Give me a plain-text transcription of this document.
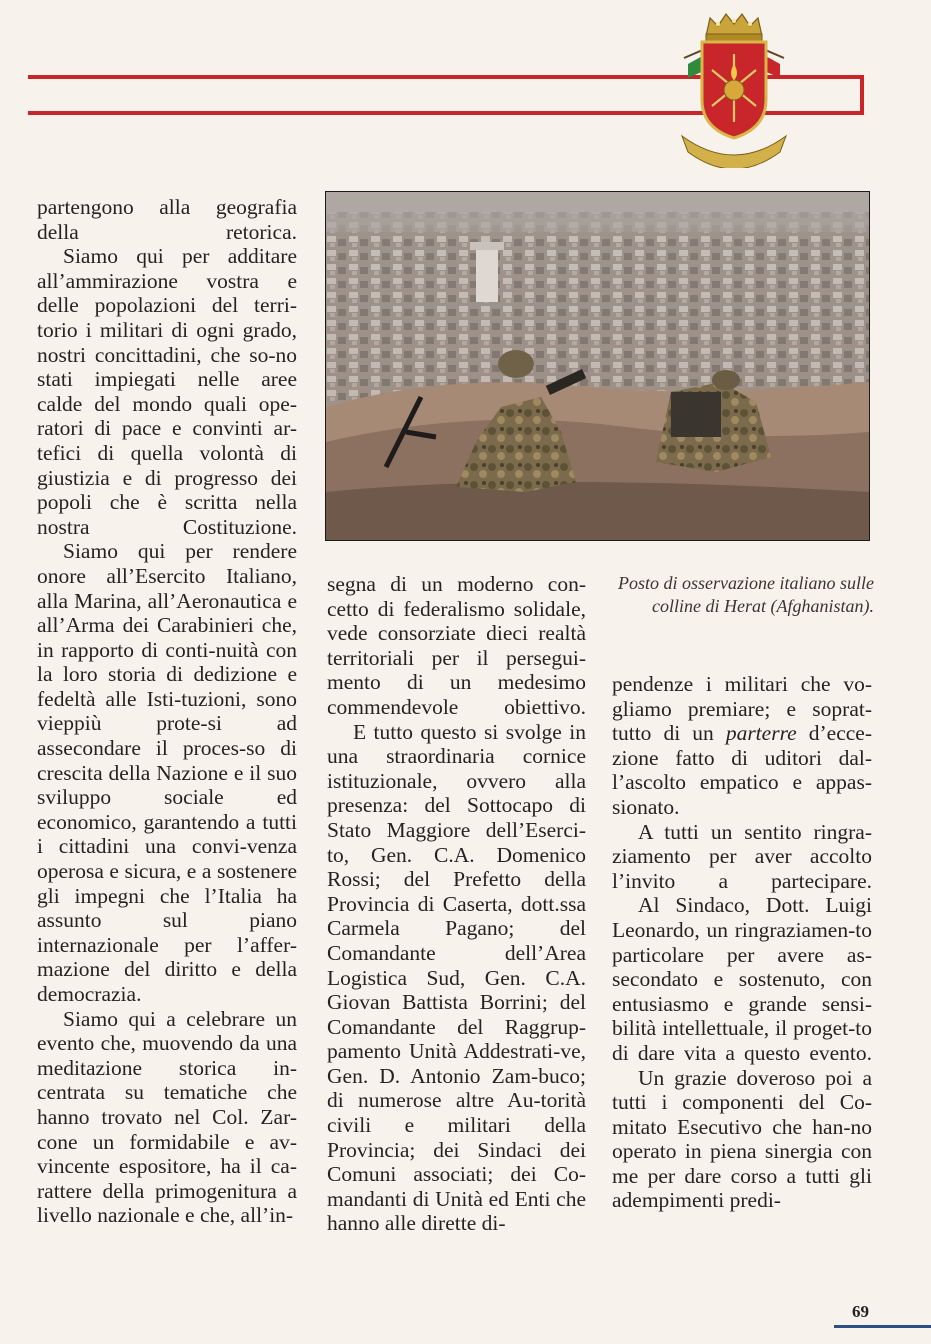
partengono alla geografia della retorica.

Siamo qui per additare all’ammirazione vostra e delle popolazioni del terri-torio i militari di ogni grado, nostri concittadini, che so-no stati impiegati nelle aree calde del mondo quali ope-ratori di pace e convinti ar-tefici di quella volontà di giustizia e di progresso dei popoli che è scritta nella nostra Costituzione.

Siamo qui per rendere onore all’Esercito Italiano, alla Marina, all’Aeronautica e all’Arma dei Carabinieri che, in rapporto di conti-nuità con la loro storia di dedizione e fedeltà alle Isti-tuzioni, sono vieppiù prote-si ad assecondare il proces-so di crescita della Nazione e il suo sviluppo sociale ed economico, garantendo a tutti i cittadini una convi-venza operosa e sicura, e a sostenere gli impegni che l’Italia ha assunto sul piano internazionale per l’affer-mazione del diritto e della democrazia.

Siamo qui a celebrare un evento che, muovendo da una meditazione storica in-centrata su tematiche che hanno trovato nel Col. Zar-cone un formidabile e av-vincente espositore, ha il ca-rattere della primogenitura a livello nazionale e che, all’in-

Posto di osservazione italiano sulle
colline di Herat (Afghanistan).

segna di un moderno con-cetto di federalismo solidale, vede consorziate dieci realtà territoriali per il persegui-mento di un medesimo commendevole obiettivo.

E tutto questo si svolge in una straordinaria cornice istituzionale, ovvero alla presenza: del Sottocapo di Stato Maggiore dell’Eserci-to, Gen. C.A. Domenico Rossi; del Prefetto della Provincia di Caserta, dott.ssa Carmela Pagano; del Comandante dell’Area Logistica Sud, Gen. C.A. Giovan Battista Borrini; del Comandante del Raggrup-pamento Unità Addestrati-ve, Gen. D. Antonio Zam-buco; di numerose altre Au-torità civili e militari della Provincia; dei Sindaci dei Comuni associati; dei Co-mandanti di Unità ed Enti che hanno alle dirette di-

pendenze i militari che vo-gliamo premiare; e soprat- tutto di un parterre d’ecce-zione fatto di uditori dal-l’ascolto empatico e appas-sionato.

A tutti un sentito ringra-ziamento per aver accolto l’invito a partecipare.

Al Sindaco, Dott. Luigi Leonardo, un ringraziamen-to particolare per avere as-secondato e sostenuto, con entusiasmo e grande sensi-bilità intellettuale, il proget-to di dare vita a questo evento.

Un grazie doveroso poi a tutti i componenti del Co-mitato Esecutivo che han-no operato in piena sinergia con me per dare corso a tutti gli adempimenti predi-

69
